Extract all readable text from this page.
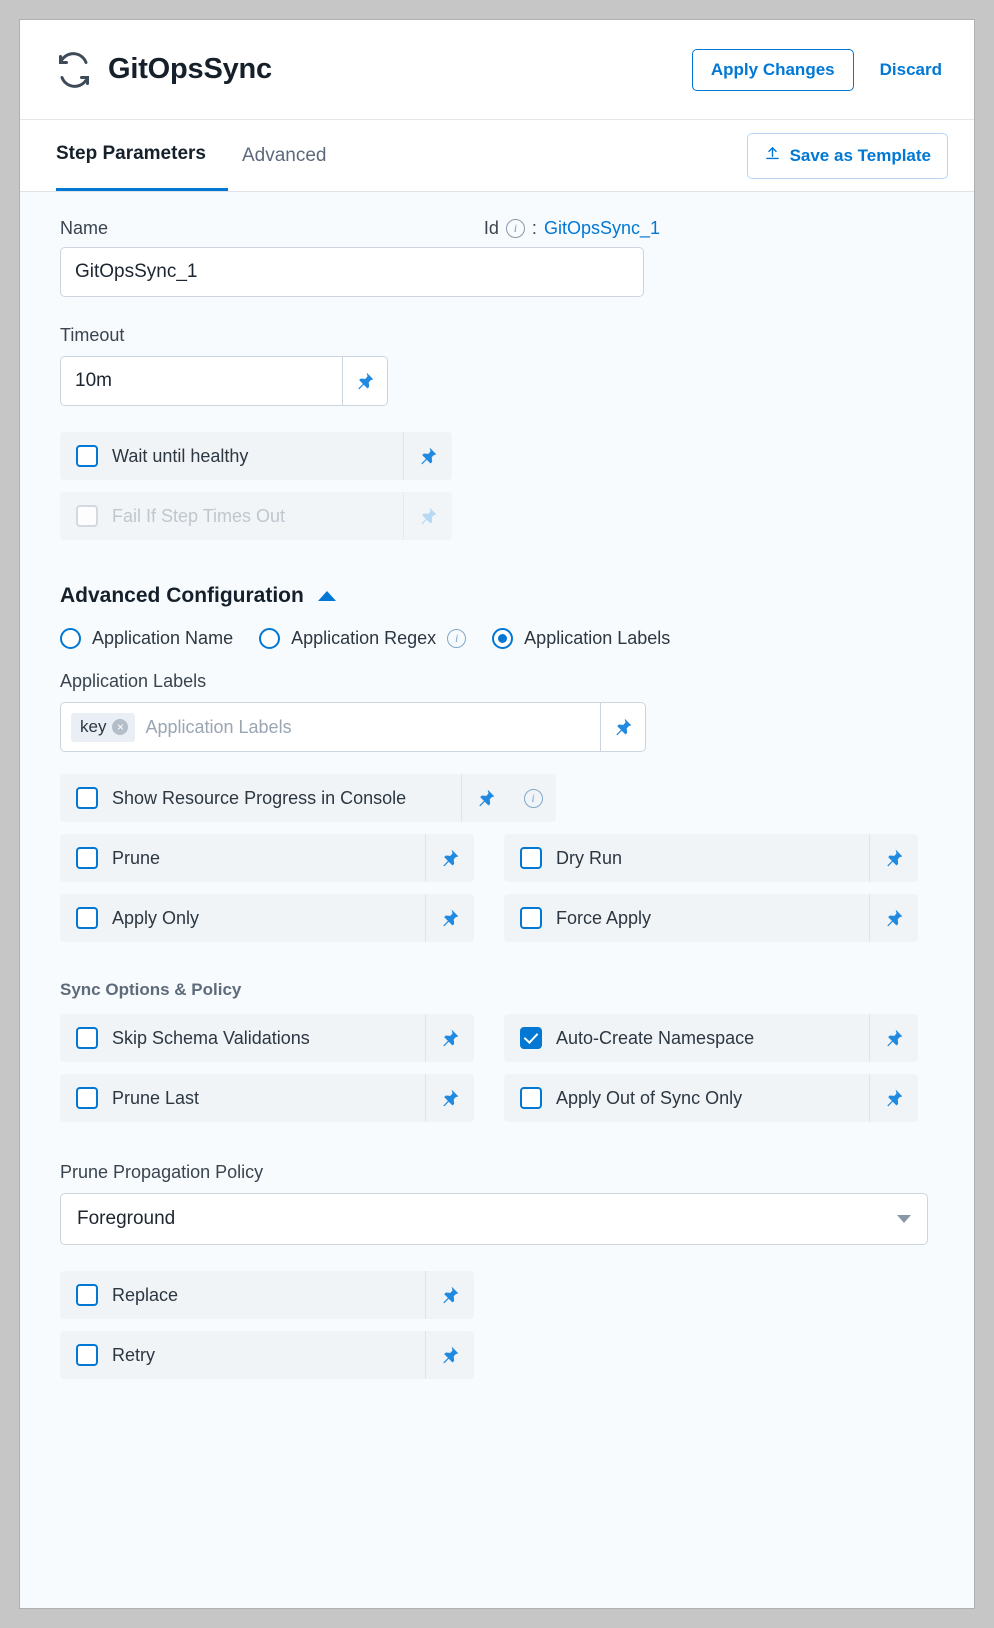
GitOpsSync	Apply Changes	Discard
Step Parameters	Advanced	Save as Template
Name	Id	i : GitOpsSync_1
GitOpsSync_1
Timeout
10m
Wait until healthy
Fail If Step Times Out
Advanced Configuration
Application Name	Application Regex	i	Application Labels
Application Labels
key × Application Labels
Show Resource Progress in Console	i
Prune	Dry Run
Apply Only	Force Apply
Sync Options & Policy
Skip Schema Validations	Auto-Create Namespace
Prune Last	Apply Out of Sync Only
Prune Propagation Policy
Foreground
Replace
Retry
